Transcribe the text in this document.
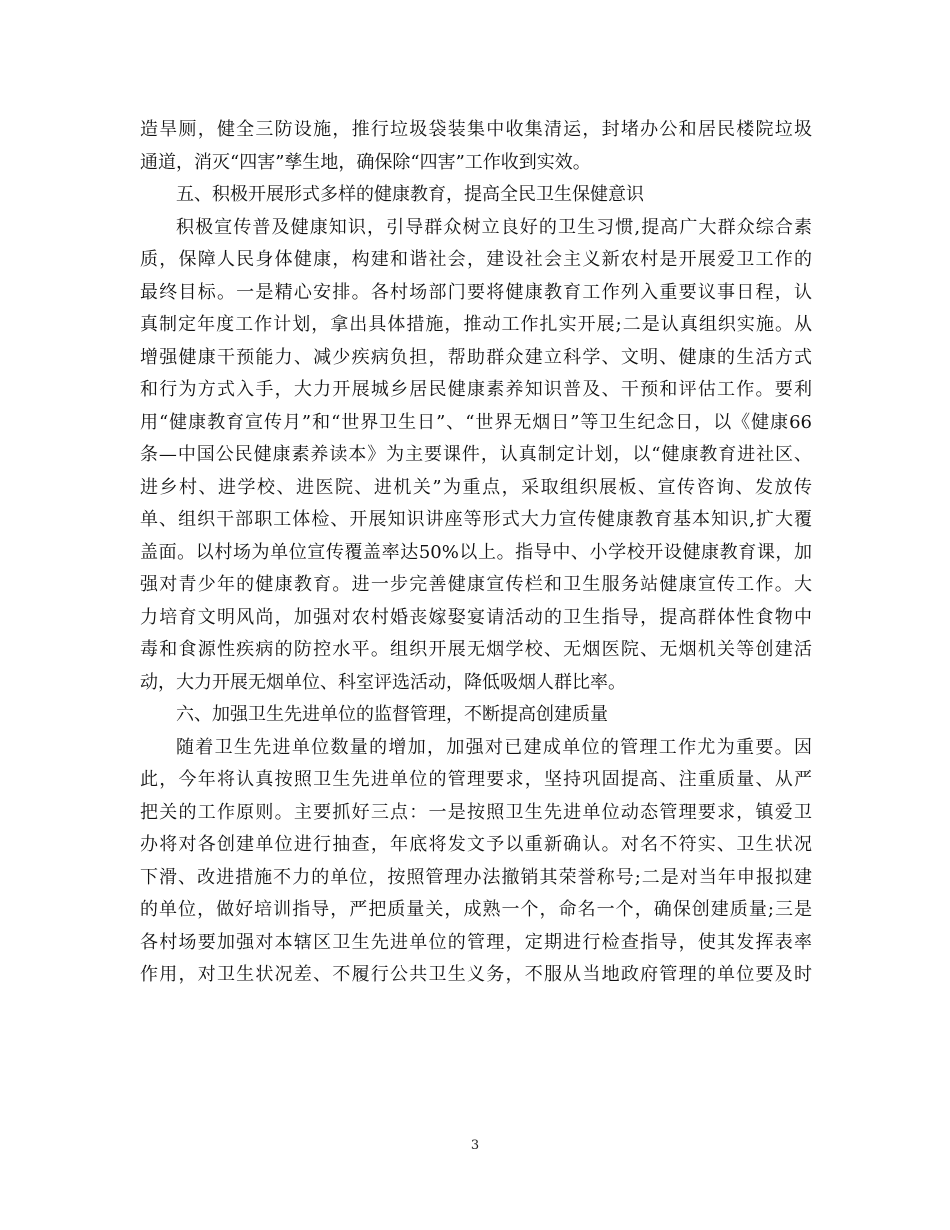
造旱厕，健全三防设施，推行垃圾袋装集中收集清运，封堵办公和居民楼院垃圾
通道，消灭“四害”孳生地，确保除“四害”工作收到实效。
五、积极开展形式多样的健康教育，提高全民卫生保健意识
积极宣传普及健康知识，引导群众树立良好的卫生习惯,提高广大群众综合素
质，保障人民身体健康，构建和谐社会，建设社会主义新农村是开展爱卫工作的
最终目标。一是精心安排。各村场部门要将健康教育工作列入重要议事日程，认
真制定年度工作计划，拿出具体措施，推动工作扎实开展;二是认真组织实施。从
增强健康干预能力、减少疾病负担，帮助群众建立科学、文明、健康的生活方式
和行为方式入手，大力开展城乡居民健康素养知识普及、干预和评估工作。要利
用“健康教育宣传月”和“世界卫生日”、“世界无烟日”等卫生纪念日，以《健康66
条—中国公民健康素养读本》为主要课件，认真制定计划，以“健康教育进社区、
进乡村、进学校、进医院、进机关”为重点，采取组织展板、宣传咨询、发放传
单、组织干部职工体检、开展知识讲座等形式大力宣传健康教育基本知识,扩大覆
盖面。以村场为单位宣传覆盖率达50%以上。指导中、小学校开设健康教育课，加
强对青少年的健康教育。进一步完善健康宣传栏和卫生服务站健康宣传工作。大
力培育文明风尚，加强对农村婚丧嫁娶宴请活动的卫生指导，提高群体性食物中
毒和食源性疾病的防控水平。组织开展无烟学校、无烟医院、无烟机关等创建活
动，大力开展无烟单位、科室评选活动，降低吸烟人群比率。
六、加强卫生先进单位的监督管理，不断提高创建质量
随着卫生先进单位数量的增加，加强对已建成单位的管理工作尤为重要。因
此，今年将认真按照卫生先进单位的管理要求，坚持巩固提高、注重质量、从严
把关的工作原则。主要抓好三点：一是按照卫生先进单位动态管理要求，镇爱卫
办将对各创建单位进行抽查，年底将发文予以重新确认。对名不符实、卫生状况
下滑、改进措施不力的单位，按照管理办法撤销其荣誉称号;二是对当年申报拟建
的单位，做好培训指导，严把质量关，成熟一个，命名一个，确保创建质量;三是
各村场要加强对本辖区卫生先进单位的管理，定期进行检查指导，使其发挥表率
作用，对卫生状况差、不履行公共卫生义务，不服从当地政府管理的单位要及时
3
